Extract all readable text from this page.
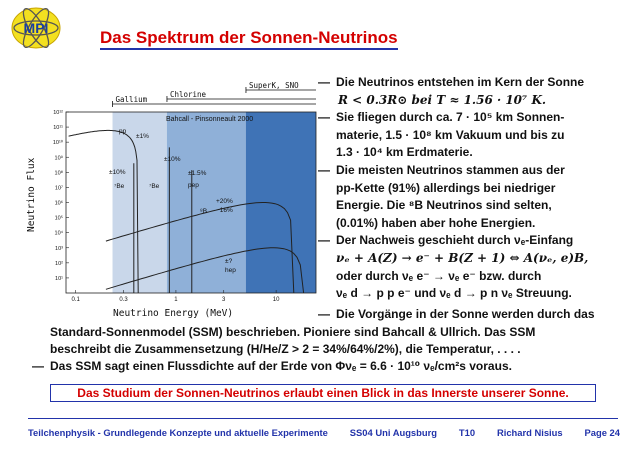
MPI	Das Spektrum der Sonnen-Neutrinos
10¹
10²
10³
10⁴
10⁵
10⁶
10⁷
10⁸
10⁹
10¹⁰
10¹¹
10¹²
0.1	0.3	1	3	10
Gallium
Chlorine
SuperK, SNO
Bahcall - Pinsonneault 2000
Neutrino Flux
Neutrino Energy (MeV)
pp
±1%
±10%
⁷Be
±10%
⁷Be
±1.5%
pep
+20%
−16%
⁸B
±?
hep
— Die Neutrinos entstehen im Kern der Sonne
R < 0.3R⊙ bei T ≈ 1.56 · 10⁷ K.
— Sie fliegen durch ca. 7 · 10⁵ km Sonnen-
materie, 1.5 · 10⁸ km Vakuum und bis zu
1.3 · 10⁴ km Erdmaterie.
— Die meisten Neutrinos stammen aus der
pp-Kette (91%) allerdings bei niedriger
Energie. Die ⁸B Neutrinos sind selten,
(0.01%) haben aber hohe Energien.
— Der Nachweis geschieht durch νₑ-Einfang
νₑ + A(Z) → e⁻ + B(Z + 1) ⇔ A(νₑ, e)B,
oder durch νₑ e⁻ → νₑ e⁻ bzw. durch
νₑ d → p p e⁻ und νₑ d → p n νₑ Streuung.
— Die Vorgänge in der Sonne werden durch das
Standard-Sonnenmodel (SSM) beschrieben. Pioniere sind Bahcall & Ullrich. Das SSM
beschreibt die Zusammensetzung (H/He/Z > 2 = 34%/64%/2%), die Temperatur, . . . .
— Das SSM sagt einen Flussdichte auf der Erde von Φνₑ = 6.6 · 10¹⁰ νₑ/cm²s voraus.
Das Studium der Sonnen-Neutrinos erlaubt einen Blick in das Innerste unserer Sonne.
Teilchenphysik - Grundlegende Konzepte und aktuelle Experimente SS04 Uni Augsburg T10 Richard Nisius Page 24
